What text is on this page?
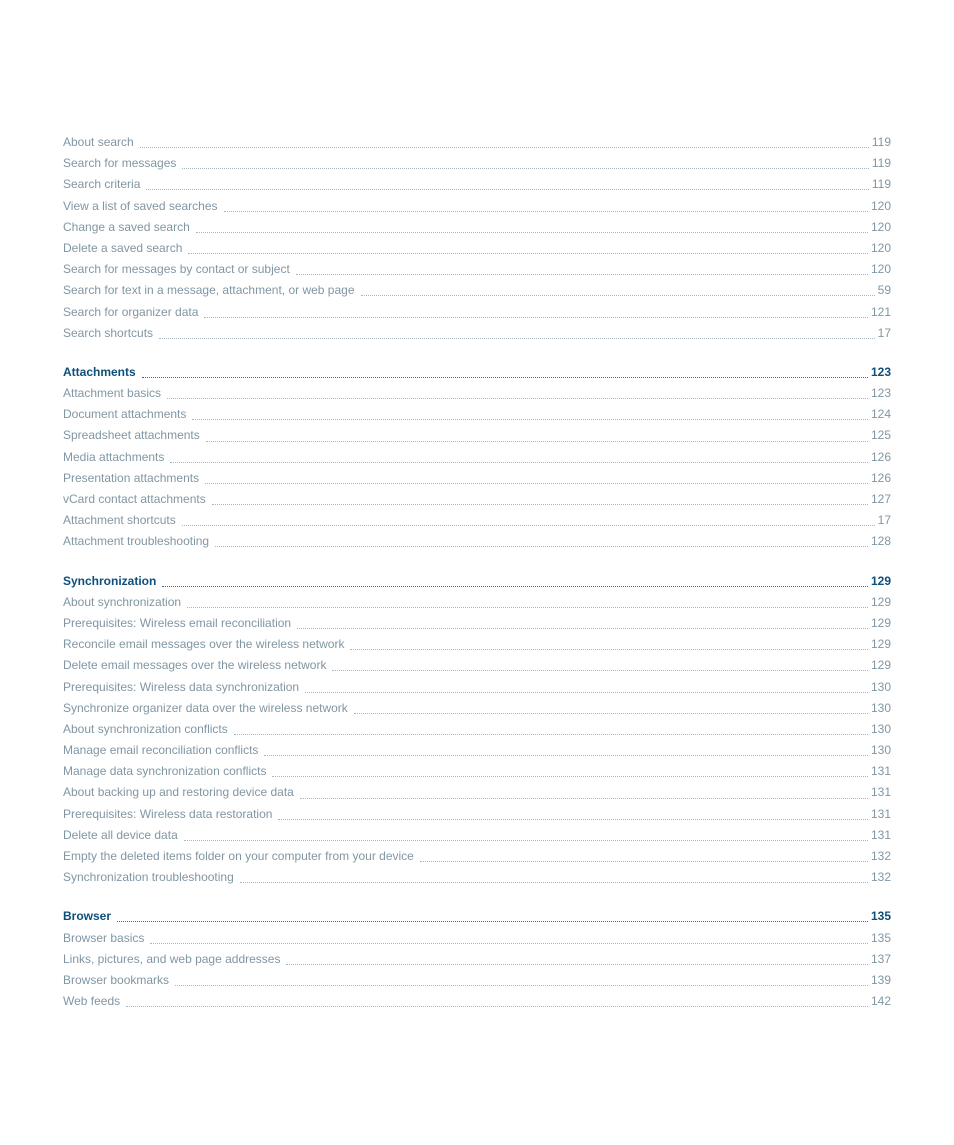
About search	119
Search for messages	119
Search criteria	119
View a list of saved searches	120
Change a saved search	120
Delete a saved search	120
Search for messages by contact or subject	120
Search for text in a message, attachment, or web page	59
Search for organizer data	121
Search shortcuts	17
Attachments	123
Attachment basics	123
Document attachments	124
Spreadsheet attachments	125
Media attachments	126
Presentation attachments	126
vCard contact attachments	127
Attachment shortcuts	17
Attachment troubleshooting	128
Synchronization	129
About synchronization	129
Prerequisites: Wireless email reconciliation	129
Reconcile email messages over the wireless network	129
Delete email messages over the wireless network	129
Prerequisites: Wireless data synchronization	130
Synchronize organizer data over the wireless network	130
About synchronization conflicts	130
Manage email reconciliation conflicts	130
Manage data synchronization conflicts	131
About backing up and restoring device data	131
Prerequisites: Wireless data restoration	131
Delete all device data	131
Empty the deleted items folder on your computer from your device	132
Synchronization troubleshooting	132
Browser	135
Browser basics	135
Links, pictures, and web page addresses	137
Browser bookmarks	139
Web feeds	142
